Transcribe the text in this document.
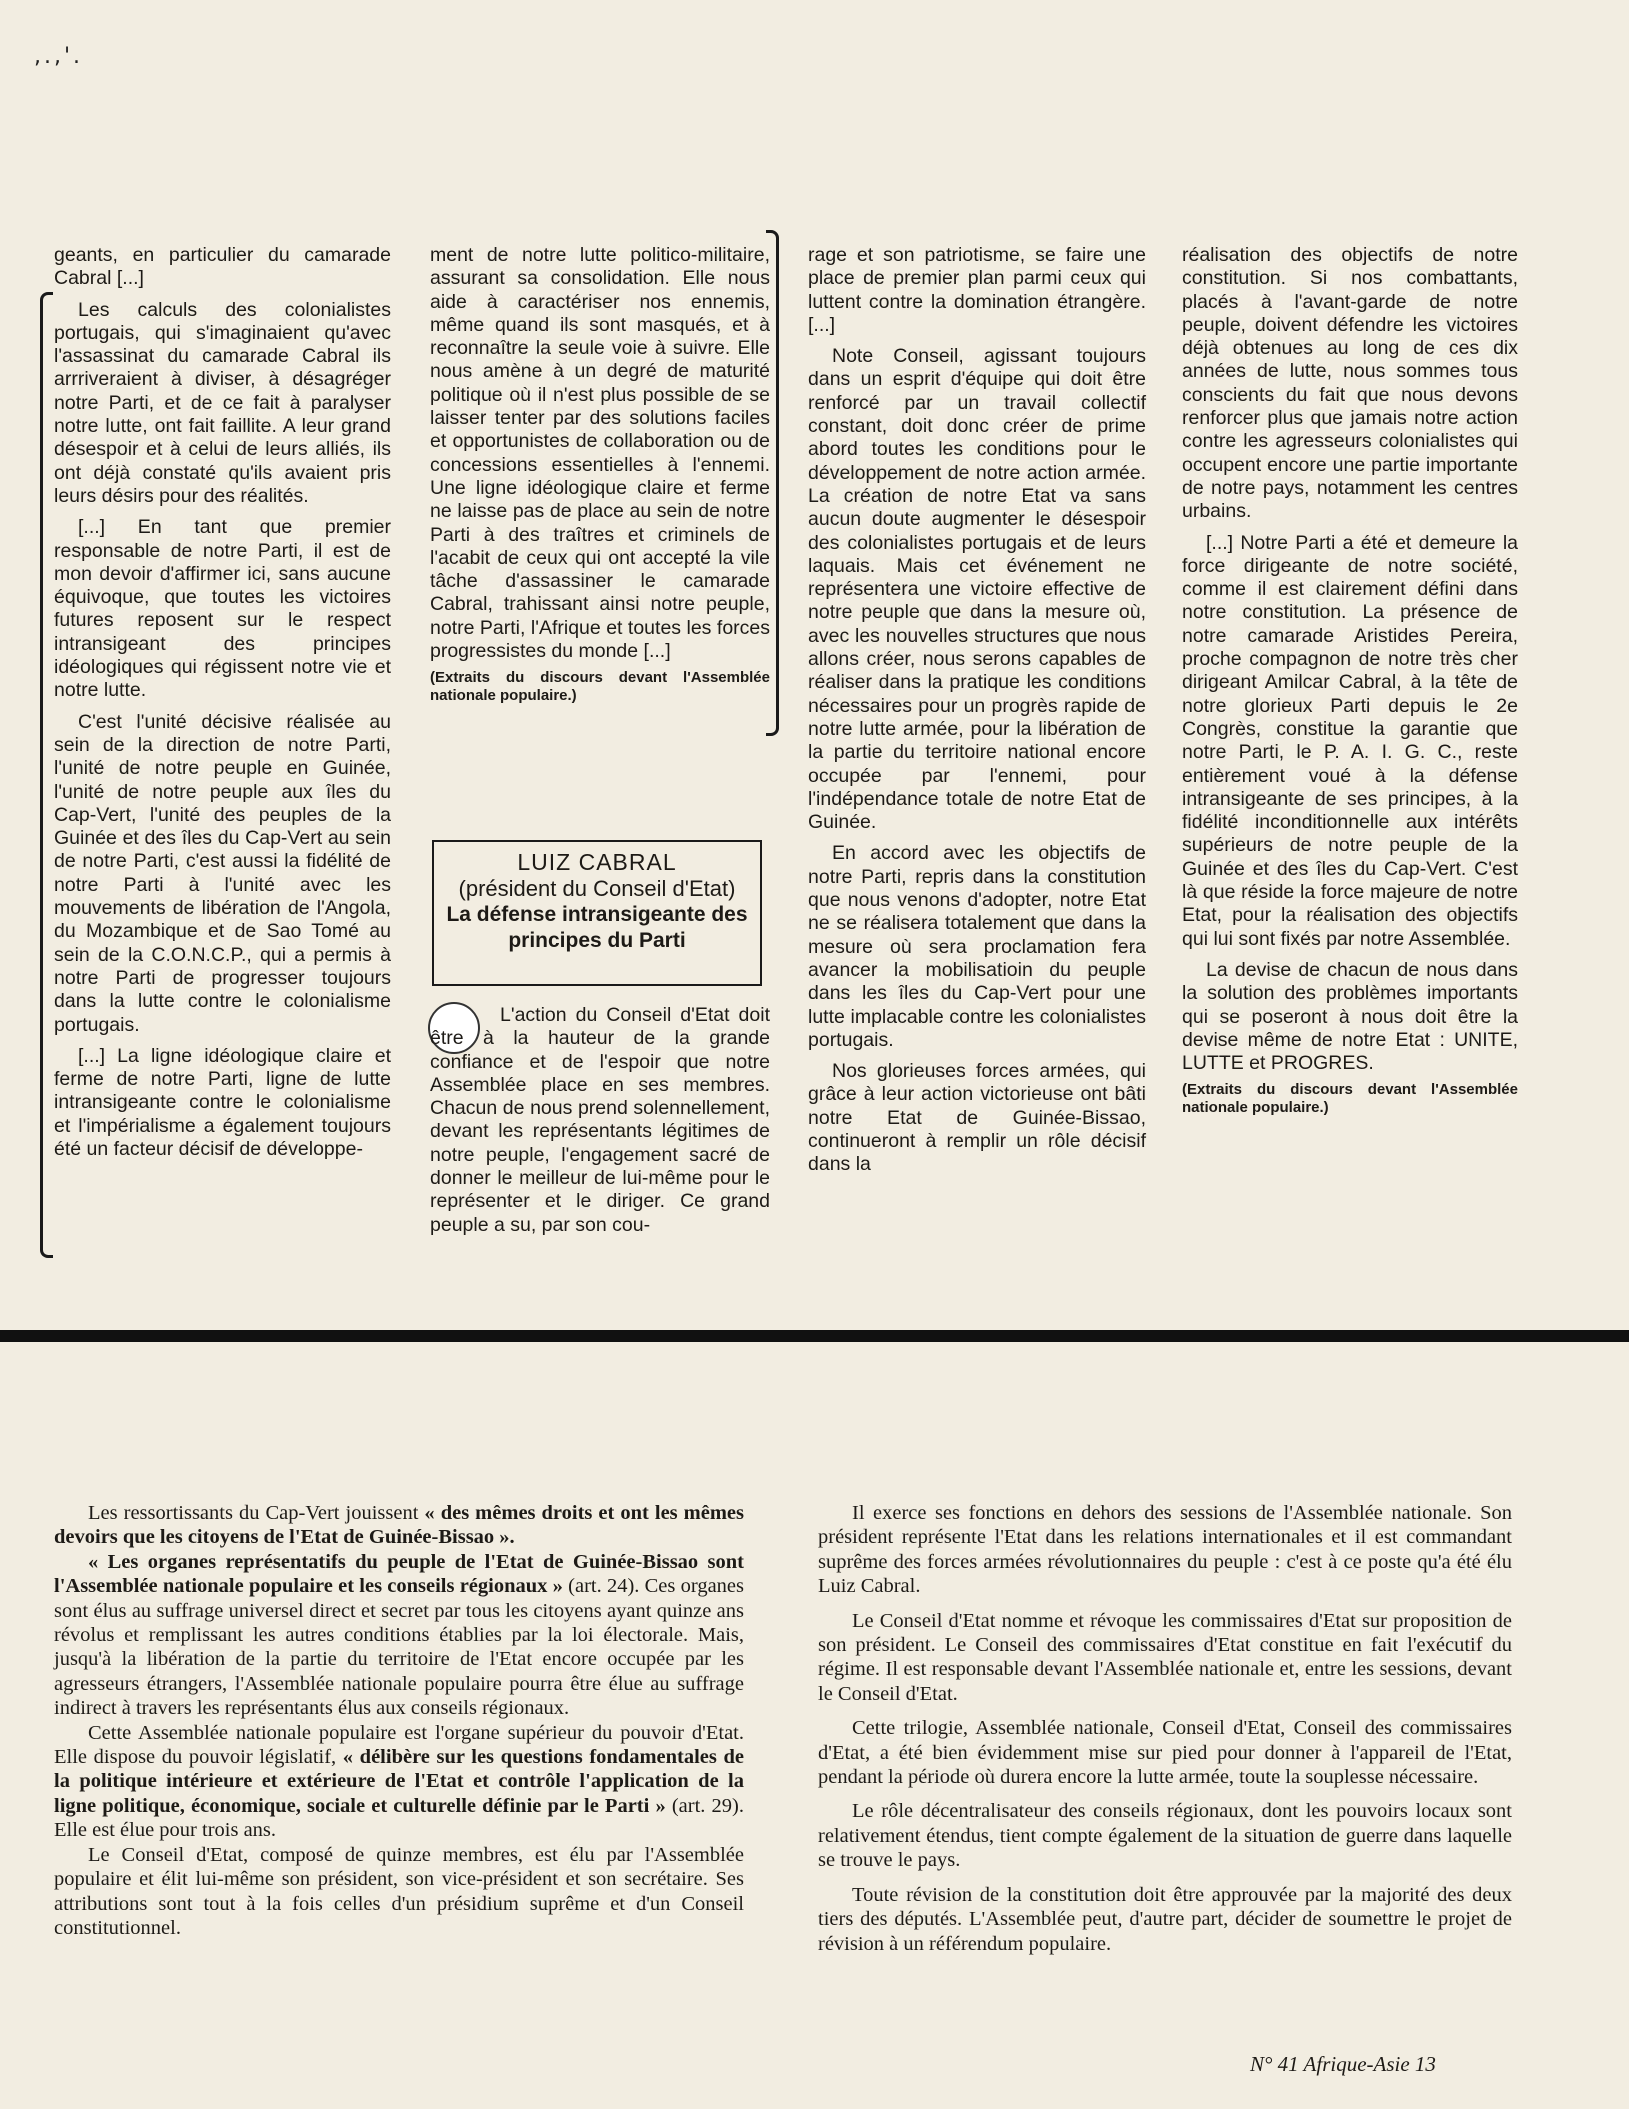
,.,'.

geants, en particulier du camarade Cabral [...]

Les calculs des colonialistes portugais, qui s'imaginaient qu'avec l'assassinat du camarade Cabral ils arrriveraient à diviser, à désagréger notre Parti, et de ce fait à paralyser notre lutte, ont fait faillite. A leur grand désespoir et à celui de leurs alliés, ils ont déjà constaté qu'ils avaient pris leurs désirs pour des réalités.

[...] En tant que premier responsable de notre Parti, il est de mon devoir d'affirmer ici, sans aucune équivoque, que toutes les victoires futures reposent sur le respect intransigeant des principes idéologiques qui régissent notre vie et notre lutte.

C'est l'unité décisive réalisée au sein de la direction de notre Parti, l'unité de notre peuple en Guinée, l'unité de notre peuple aux îles du Cap-Vert, l'unité des peuples de la Guinée et des îles du Cap-Vert au sein de notre Parti, c'est aussi la fidélité de notre Parti à l'unité avec les mouvements de libération de l'Angola, du Mozambique et de Sao Tomé au sein de la C.O.N.C.P., qui a permis à notre Parti de progresser toujours dans la lutte contre le colonialisme portugais.

[...] La ligne idéologique claire et ferme de notre Parti, ligne de lutte intransigeante contre le colonialisme et l'impérialisme a également toujours été un facteur décisif de développe-

ment de notre lutte politico-militaire, assurant sa consolidation. Elle nous aide à caractériser nos ennemis, même quand ils sont masqués, et à reconnaître la seule voie à suivre. Elle nous amène à un degré de maturité politique où il n'est plus possible de se laisser tenter par des solutions faciles et opportunistes de collaboration ou de concessions essentielles à l'ennemi. Une ligne idéologique claire et ferme ne laisse pas de place au sein de notre Parti à des traîtres et criminels de l'acabit de ceux qui ont accepté la vile tâche d'assassiner le camarade Cabral, trahissant ainsi notre peuple, notre Parti, l'Afrique et toutes les forces progressistes du monde [...]

(Extraits du discours devant l'Assemblée nationale populaire.)

LUIZ CABRAL
(président du Conseil d'Etat)
La défense intransigeante des principes du Parti

L'action du Conseil d'Etat doit être à la hauteur de la grande confiance et de l'espoir que notre Assemblée place en ses membres. Chacun de nous prend solennellement, devant les représentants légitimes de notre peuple, l'engagement sacré de donner le meilleur de lui-même pour le représenter et le diriger. Ce grand peuple a su, par son cou-

rage et son patriotisme, se faire une place de premier plan parmi ceux qui luttent contre la domination étrangère. [...]

Note Conseil, agissant toujours dans un esprit d'équipe qui doit être renforcé par un travail collectif constant, doit donc créer de prime abord toutes les conditions pour le développement de notre action armée. La création de notre Etat va sans aucun doute augmenter le désespoir des colonialistes portugais et de leurs laquais. Mais cet événement ne représentera une victoire effective de notre peuple que dans la mesure où, avec les nouvelles structures que nous allons créer, nous serons capables de réaliser dans la pratique les conditions nécessaires pour un progrès rapide de notre lutte armée, pour la libération de la partie du territoire national encore occupée par l'ennemi, pour l'indépendance totale de notre Etat de Guinée.

En accord avec les objectifs de notre Parti, repris dans la constitution que nous venons d'adopter, notre Etat ne se réalisera totalement que dans la mesure où sera proclamation fera avancer la mobilisatioin du peuple dans les îles du Cap-Vert pour une lutte implacable contre les colonialistes portugais.

Nos glorieuses forces armées, qui grâce à leur action victorieuse ont bâti notre Etat de Guinée-Bissao, continueront à remplir un rôle décisif dans la

réalisation des objectifs de notre constitution. Si nos combattants, placés à l'avant-garde de notre peuple, doivent défendre les victoires déjà obtenues au long de ces dix années de lutte, nous sommes tous conscients du fait que nous devons renforcer plus que jamais notre action contre les agresseurs colonialistes qui occupent encore une partie importante de notre pays, notamment les centres urbains.

[...] Notre Parti a été et demeure la force dirigeante de notre société, comme il est clairement défini dans notre constitution. La présence de notre camarade Aristides Pereira, proche compagnon de notre très cher dirigeant Amilcar Cabral, à la tête de notre glorieux Parti depuis le 2e Congrès, constitue la garantie que notre Parti, le P. A. I. G. C., reste entièrement voué à la défense intransigeante de ses principes, à la fidélité inconditionnelle aux intérêts supérieurs de notre peuple de la Guinée et des îles du Cap-Vert. C'est là que réside la force majeure de notre Etat, pour la réalisation des objectifs qui lui sont fixés par notre Assemblée.

La devise de chacun de nous dans la solution des problèmes importants qui se poseront à nous doit être la devise même de notre Etat : UNITE, LUTTE et PROGRES.

(Extraits du discours devant l'Assemblée nationale populaire.)

Les ressortissants du Cap-Vert jouissent « des mêmes droits et ont les mêmes devoirs que les citoyens de l'Etat de Guinée-Bissao ».

« Les organes représentatifs du peuple de l'Etat de Guinée-Bissao sont l'Assemblée nationale populaire et les conseils régionaux » (art. 24). Ces organes sont élus au suffrage universel direct et secret par tous les citoyens ayant quinze ans révolus et remplissant les autres conditions établies par la loi électorale. Mais, jusqu'à la libération de la partie du territoire de l'Etat encore occupée par les agresseurs étrangers, l'Assemblée nationale populaire pourra être élue au suffrage indirect à travers les représentants élus aux conseils régionaux.

Cette Assemblée nationale populaire est l'organe supérieur du pouvoir d'Etat. Elle dispose du pouvoir législatif, « délibère sur les questions fondamentales de la politique intérieure et extérieure de l'Etat et contrôle l'application de la ligne politique, économique, sociale et culturelle définie par le Parti » (art. 29). Elle est élue pour trois ans.

Le Conseil d'Etat, composé de quinze membres, est élu par l'Assemblée populaire et élit lui-même son président, son vice-président et son secrétaire. Ses attributions sont tout à la fois celles d'un présidium suprême et d'un Conseil constitutionnel.

Il exerce ses fonctions en dehors des sessions de l'Assemblée nationale. Son président représente l'Etat dans les relations internationales et il est commandant suprême des forces armées révolutionnaires du peuple : c'est à ce poste qu'a été élu Luiz Cabral.

Le Conseil d'Etat nomme et révoque les commissaires d'Etat sur proposition de son président. Le Conseil des commissaires d'Etat constitue en fait l'exécutif du régime. Il est responsable devant l'Assemblée nationale et, entre les sessions, devant le Conseil d'Etat.

Cette trilogie, Assemblée nationale, Conseil d'Etat, Conseil des commissaires d'Etat, a été bien évidemment mise sur pied pour donner à l'appareil de l'Etat, pendant la période où durera encore la lutte armée, toute la souplesse nécessaire.

Le rôle décentralisateur des conseils régionaux, dont les pouvoirs locaux sont relativement étendus, tient compte également de la situation de guerre dans laquelle se trouve le pays.

Toute révision de la constitution doit être approuvée par la majorité des deux tiers des députés. L'Assemblée peut, d'autre part, décider de soumettre le projet de révision à un référendum populaire.

N° 41 Afrique-Asie 13
